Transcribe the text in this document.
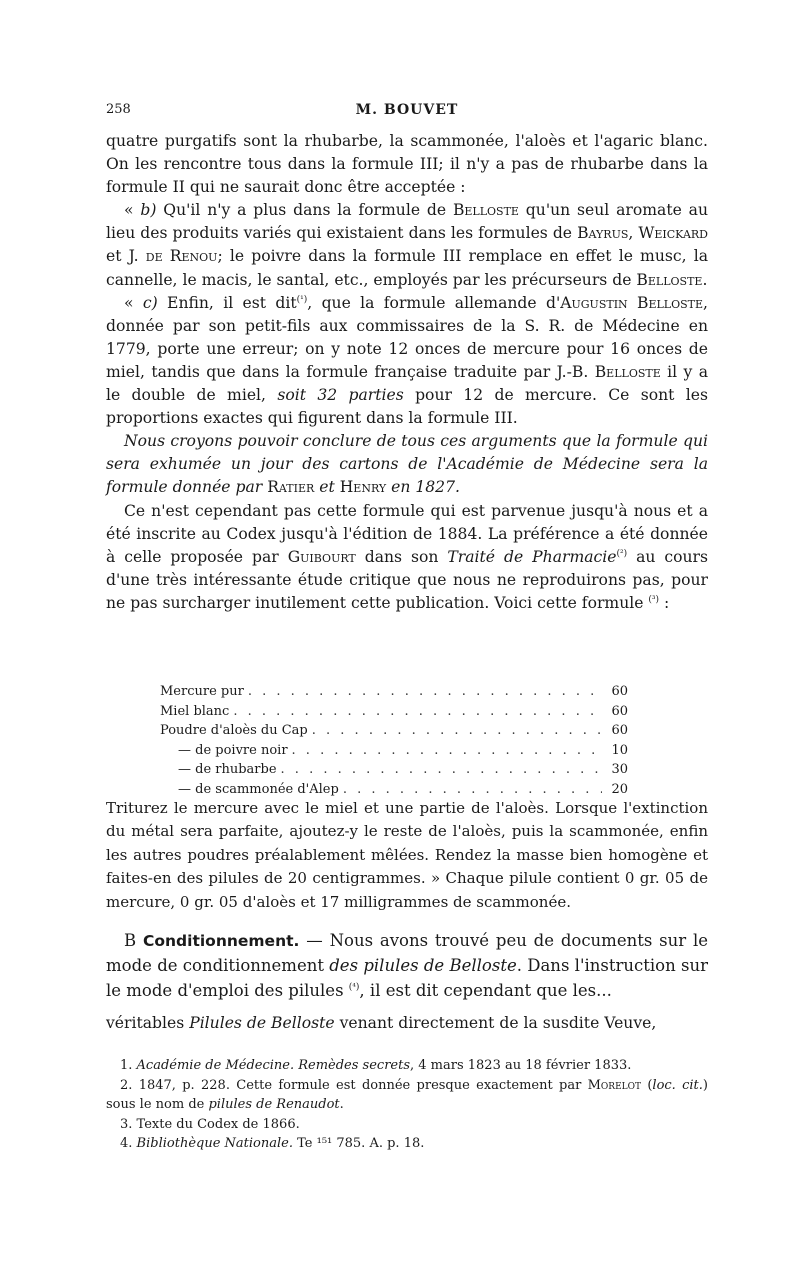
258	M. BOUVET

quatre purgatifs sont la rhubarbe, la scammonée, l'aloès et l'agaric blanc. On les rencontre tous dans la formule III; il n'y a pas de rhubarbe dans la formule II qui ne saurait donc être acceptée :

« b) Qu'il n'y a plus dans la formule de Belloste qu'un seul aromate au lieu des produits variés qui existaient dans les formules de Bayrus, Weickard et J. de Renou; le poivre dans la formule III remplace en effet le musc, la cannelle, le macis, le santal, etc., employés par les précurseurs de Belloste.

« c) Enfin, il est dit$^{(^1)}$, que la formule allemande d'Augustin Belloste, donnée par son petit-fils aux commissaires de la S. R. de Médecine en 1779, porte une erreur; on y note 12 onces de mercure pour 16 onces de miel, tandis que dans la formule française traduite par J.-B. Belloste il y a le double de miel, soit 32 parties pour 12 de mercure. Ce sont les proportions exactes qui figurent dans la formule III.

Nous croyons pouvoir conclure de tous ces arguments que la formule qui sera exhumée un jour des cartons de l'Académie de Médecine sera la formule donnée par Ratier et Henry en 1827.

Ce n'est cependant pas cette formule qui est parvenue jusqu'à nous et a été inscrite au Codex jusqu'à l'édition de 1884. La préférence a été donnée à celle proposée par Guibourt dans son Traité de Pharmacie$^{(^2)}$ au cours d'une très intéressante étude critique que nous ne reproduirons pas, pour ne pas surcharger inutilement cette publication. Voici cette formule $^{(^3)}$ :

Mercure pur . . .	60
Miel blanc . . .	60
Poudre d'aloès du Cap . . .	60
— de poivre noir . . .	10
— de rhubarbe . . .	30
— de scammonée d'Alep . . .	20

Triturez le mercure avec le miel et une partie de l'aloès. Lorsque l'extinction du métal sera parfaite, ajoutez-y le reste de l'aloès, puis la scammonée, enfin les autres poudres préalablement mêlées. Rendez la masse bien homogène et faites-en des pilules de 20 centigrammes. » Chaque pilule contient 0 gr. 05 de mercure, 0 gr. 05 d'aloès et 17 milligrammes de scammonée.

B Conditionnement. — Nous avons trouvé peu de documents sur le mode de conditionnement des pilules de Belloste. Dans l'instruction sur le mode d'emploi des pilules $^{(^4)}$, il est dit cependant que les...

véritables Pilules de Belloste venant directement de la susdite Veuve,

1. Académie de Médecine. Remèdes secrets, 4 mars 1823 au 18 février 1833.

2. 1847, p. 228. Cette formule est donnée presque exactement par Morelot (loc. cit.) sous le nom de pilules de Renaudot.

3. Texte du Codex de 1866.

4. Bibliothèque Nationale. Te ¹⁵¹ 785. A. p. 18.
